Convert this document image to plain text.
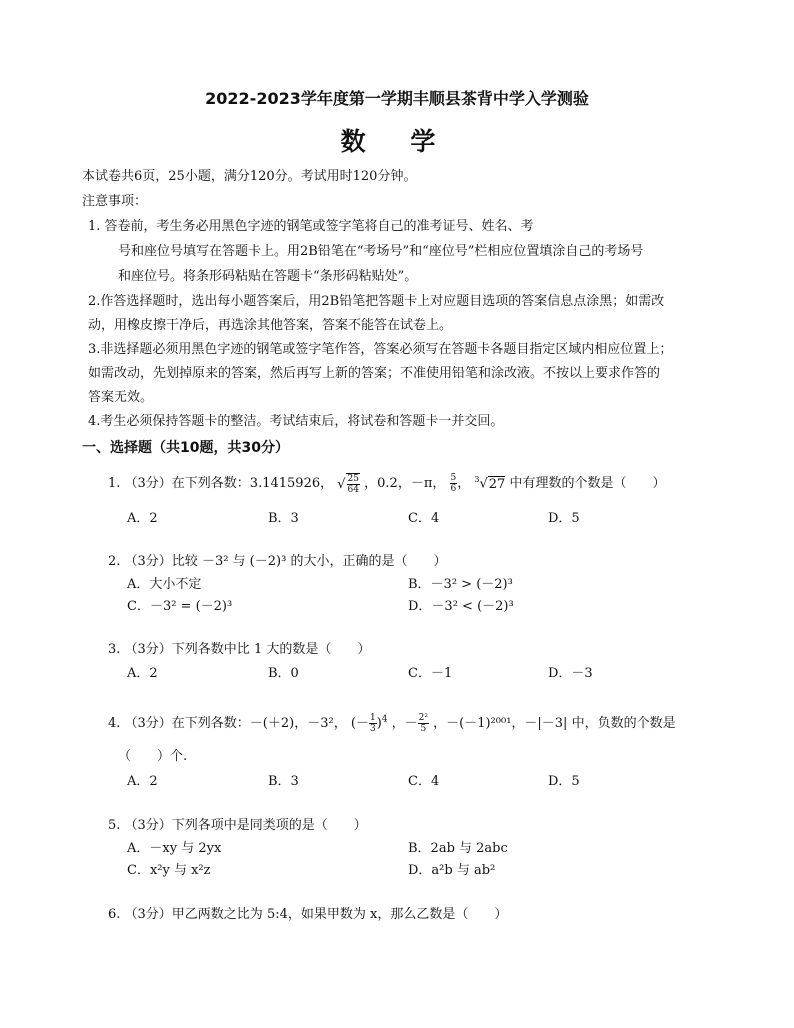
2022-2023学年度第一学期丰顺县茶背中学入学测验
数 学
本试卷共6页，25小题，满分120分。考试用时120分钟。
注意事项：
1. 答卷前，考生务必用黑色字迹的钢笔或签字笔将自己的准考证号、姓名、考
号和座位号填写在答题卡上。用2B铅笔在“考场号”和“座位号”栏相应位置填涂自己的考场号
和座位号。将条形码粘贴在答题卡“条形码粘贴处”。
2.作答选择题时，选出每小题答案后，用2B铅笔把答题卡上对应题目选项的答案信息点涂黑；如需改
动，用橡皮擦干净后，再选涂其他答案，答案不能答在试卷上。
3.非选择题必须用黑色字迹的钢笔或签字笔作答，答案必须写在答题卡各题目指定区域内相应位置上；
如需改动，先划掉原来的答案，然后再写上新的答案；不准使用铅笔和涂改液。不按以上要求作答的
答案无效。
4.考生必须保持答题卡的整洁。考试结束后，将试卷和答题卡一并交回。
一、选择题（共10题，共30分）
1. （3分）在下列各数：3.1415926， √ $\frac{25}{64}$ ，0.2，－π， $\frac{5}{6}$ ， $^3$√27 中有理数的个数是（　　）
A．2	B．3	C．4	D．5
2. （3分）比较 －3² 与 (－2)³ 的大小，正确的是（　　）
A．大小不定	B．－3² > (－2)³
C．－3² = (－2)³	D．－3² < (－2)³
3. （3分）下列各数中比 1 大的数是（　　）
A．2	B．0	C．－1	D．－3
4. （3分）在下列各数：－(＋2)，－3²， (－ $\frac{1}{3} )^4$ ，－ $\frac{\text{2²}}{5}$ ，－(－1)²⁰⁰¹，－|－3| 中，负数的个数是
（　　）个.
A．2	B．3	C．4	D．5
5. （3分）下列各项中是同类项的是（　　）
A．－xy 与 2yx	B．2ab 与 2abc
C．x²y 与 x²z	D．a²b 与 ab²
6. （3分）甲乙两数之比为 5:4，如果甲数为 x，那么乙数是（　　）
